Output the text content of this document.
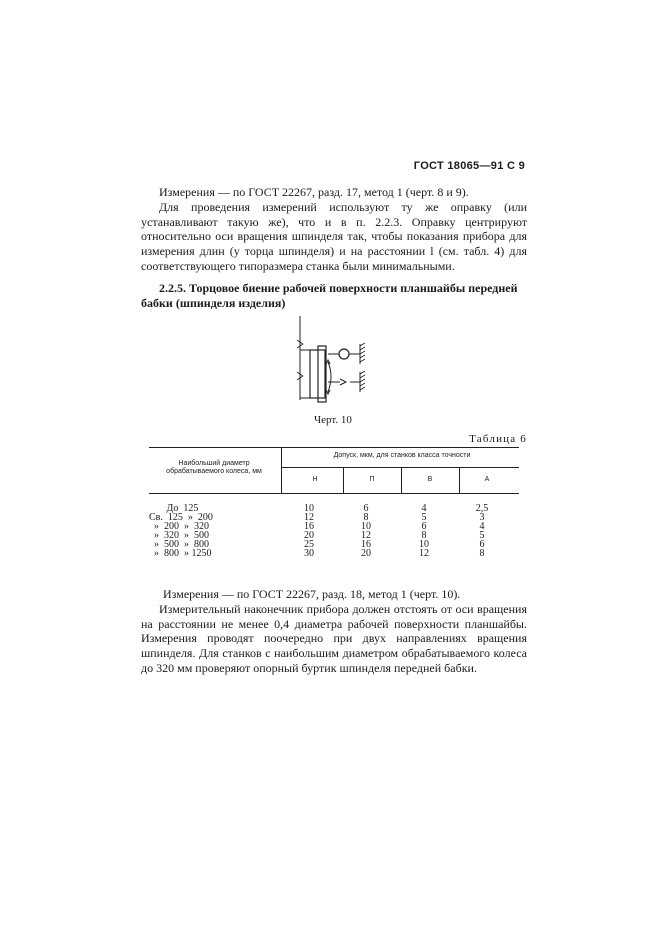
ГОСТ 18065—91 С 9
Измерения — по ГОСТ 22267, разд. 17, метод 1 (черт. 8 и 9).
Для проведения измерений используют ту же оправку (или устанавливают такую же), что и в п. 2.2.3. Оправку центрируют относительно оси вращения шпинделя так, чтобы показания прибора для измерения длин (у торца шпинделя) и на расстоянии l (см. табл. 4) для соответствующего типоразмера станка были минимальными.
2.2.5. Торцовое биение рабочей поверхности планшайбы передней бабки (шпинделя изделия)
Черт. 10
Таблица 6
Наибольший диаметр обрабатываемого колеса, мм
Допуск, мкм, для станков класса точности
Н	П	В	А
До  125	10	6	4	2,5
Св.  125  »  200	12	8	5	3
»  200  »  320	16	10	6	4
»  320  »  500	20	12	8	5
»  500  »  800	25	16	10	6
»  800  » 1250	30	20	12	8
Измерения — по ГОСТ 22267, разд. 18, метод 1 (черт. 10).
Измерительный наконечник прибора должен отстоять от оси вращения на расстоянии не менее 0,4 диаметра рабочей поверхности планшайбы. Измерения проводят поочередно при двух направлениях вращения шпинделя. Для станков с наибольшим диаметром обрабатываемого колеса до 320 мм проверяют опорный буртик шпинделя передней бабки.
